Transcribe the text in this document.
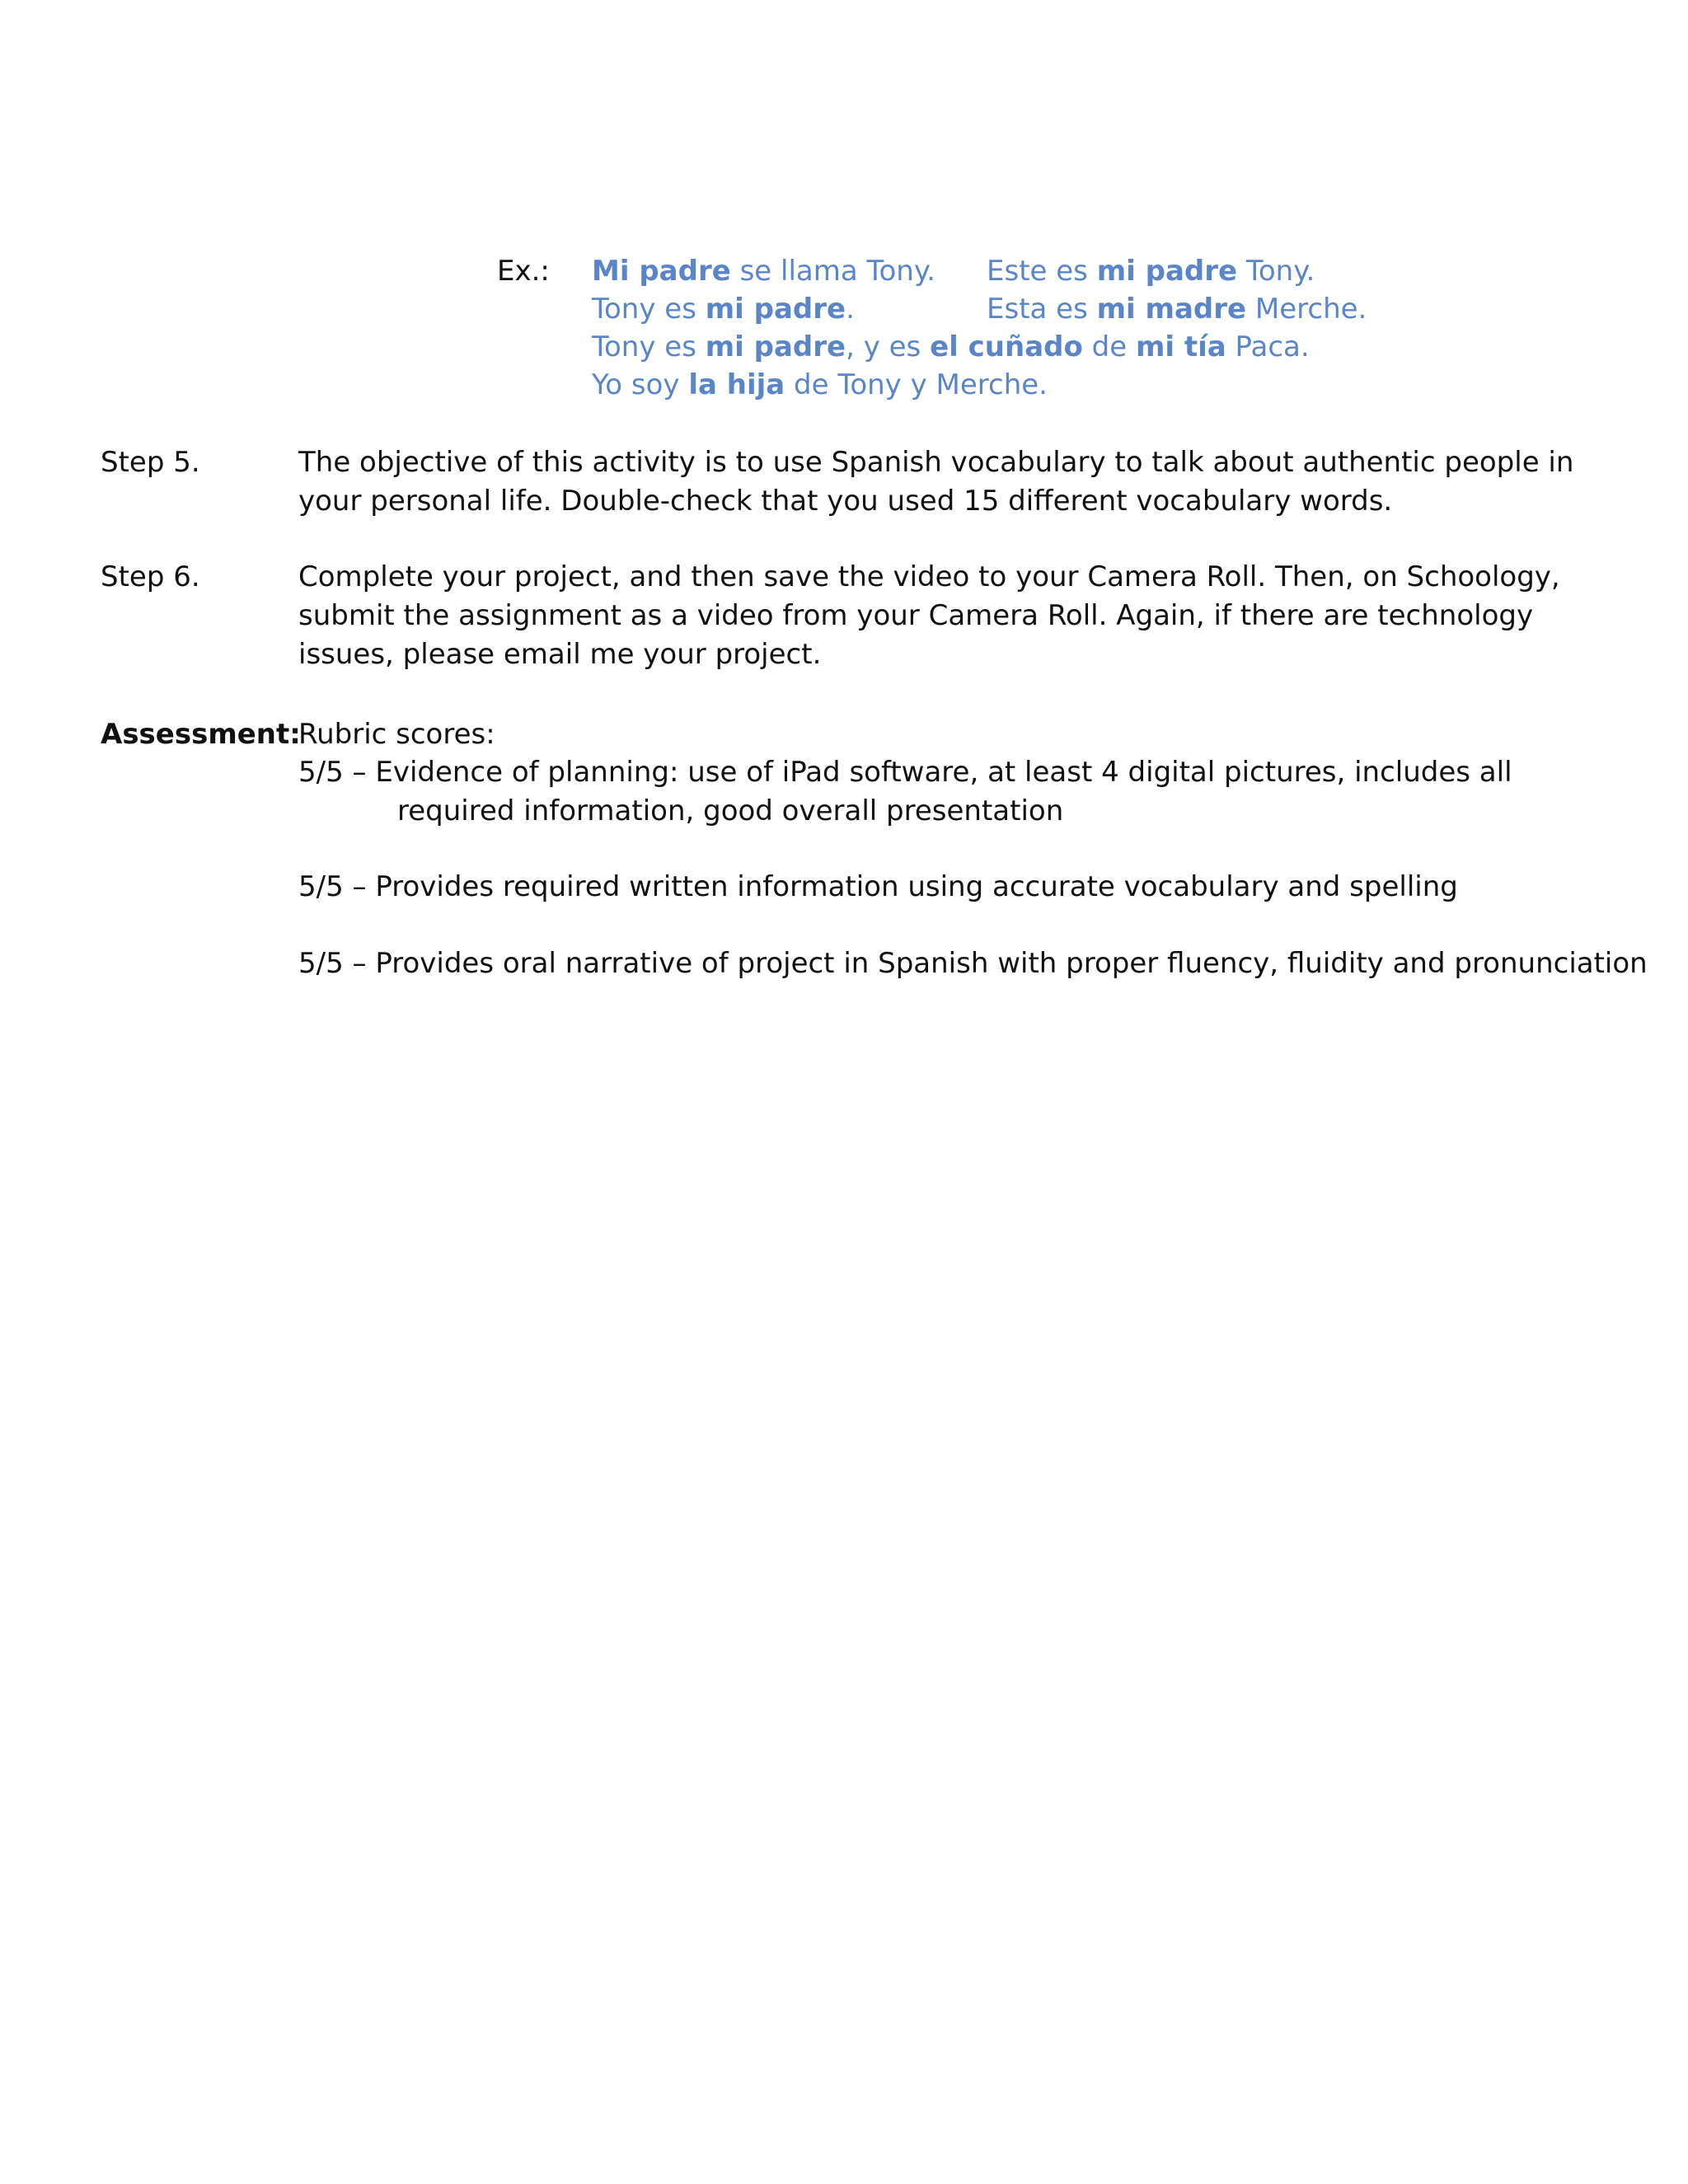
Ex.: Mi padre se llama Tony.
Tony es mi padre.
Tony es mi padre, y es el cuñado de mi tía Paca.
Yo soy la hija de Tony y Merche.
Este es mi padre Tony.
Esta es mi madre Merche.
Step 5.	The objective of this activity is to use Spanish vocabulary to talk about authentic people in your personal life. Double-check that you used 15 different vocabulary words.
Step 6.	Complete your project, and then save the video to your Camera Roll. Then, on Schoology, submit the assignment as a video from your Camera Roll. Again, if there are technology issues, please email me your project.
Assessment:
Rubric scores:
5/5 – Evidence of planning: use of iPad software, at least 4 digital pictures, includes all
required information, good overall presentation
5/5 – Provides required written information using accurate vocabulary and spelling
5/5 – Provides oral narrative of project in Spanish with proper fluency, fluidity and pronunciation
